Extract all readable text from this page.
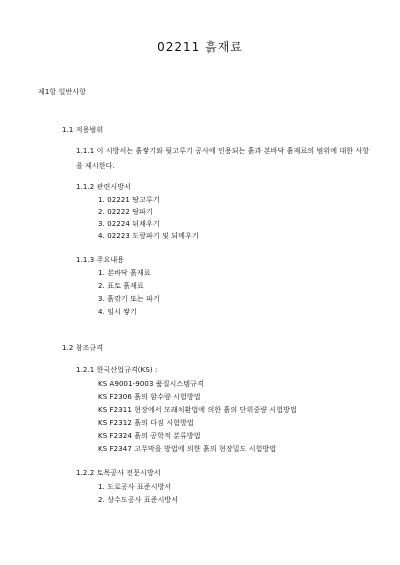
02211 흙재료
제1항 일반사항
1.1 적용범위
1.1.1 이 시방서는 흙쌓기와 뒷고루기 공사에 인용되는 흙과 본바닥 흙재료의 범위에 대한 사항을 제시한다.
1.1.2 관련시방서
1. 02221 땅고루기
2. 02222 땅파기
3. 02224 뒤채우기
4. 02223 도랑파기 및 되메우기
1.1.3 주요내용
1. 본바닥 흙재료
2. 표토 흙재료
3. 흙깎기 또는 파기
4. 임시 쌓기
1.2 참조규격
1.2.1 한국산업규격(KS) :
KS A9001-9003 품질시스템규격
KS F2306 흙의 함수량 시험방법
KS F2311 현장에서 모래치환법에 의한 흙의 단위중량 시험방법
KS F2312 흙의 다짐 시험방법
KS F2324 흙의 공학적 분류방법
KS F2347 고무막을 방법에 의한 흙의 현장밀도 시험방법
1.2.2 토목공사 전문시방서
1. 도로공사 표준시방서
2. 상수도공사 표준시방서
